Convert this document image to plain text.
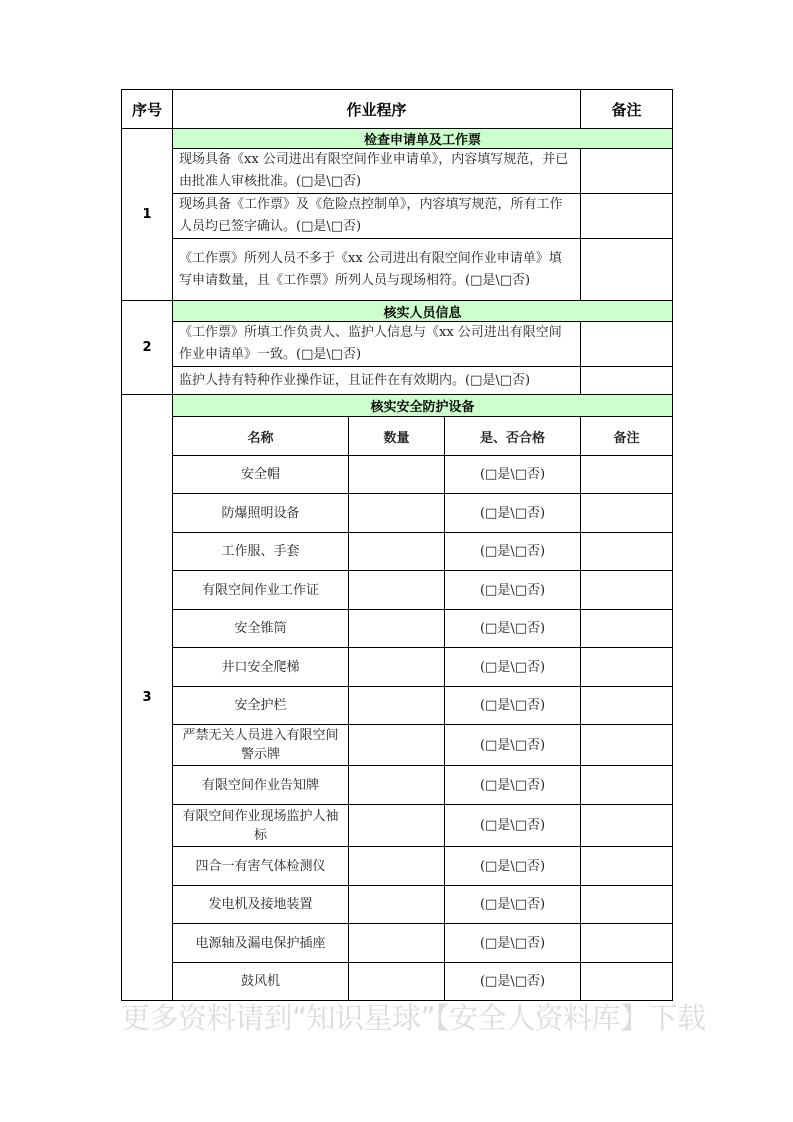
序号	作业程序			备注
1	检查申请单及工作票			
	现场具备《xx 公司进出有限空间作业申请单》，内容填写规范，并已由批准人审核批准。(□是\□否)			
	现场具备《工作票》及《危险点控制单》，内容填写规范，所有工作人员均已签字确认。(□是\□否)			
	《工作票》所列人员不多于《xx 公司进出有限空间作业申请单》填写申请数量，且《工作票》所列人员与现场相符。(□是\□否)			
2	核实人员信息			
	《工作票》所填工作负责人、监护人信息与《xx 公司进出有限空间作业申请单》一致。(□是\□否)			
	监护人持有特种作业操作证，且证件在有效期内。(□是\□否)			
3	核实安全防护设备			
	名称	数量	是、否合格	备注
	安全帽		(□是\□否)	
	防爆照明设备		(□是\□否)	
	工作服、手套		(□是\□否)	
	有限空间作业工作证		(□是\□否)	
	安全锥筒		(□是\□否)	
	井口安全爬梯		(□是\□否)	
	安全护栏		(□是\□否)	
	严禁无关人员进入有限空间警示牌		(□是\□否)	
	有限空间作业告知牌		(□是\□否)	
	有限空间作业现场监护人袖标		(□是\□否)	
	四合一有害气体检测仪		(□是\□否)	
	发电机及接地装置		(□是\□否)	
	电源轴及漏电保护插座		(□是\□否)	
	鼓风机		(□是\□否)	
更多资料请到“知识星球”【安全人资料库】下载
